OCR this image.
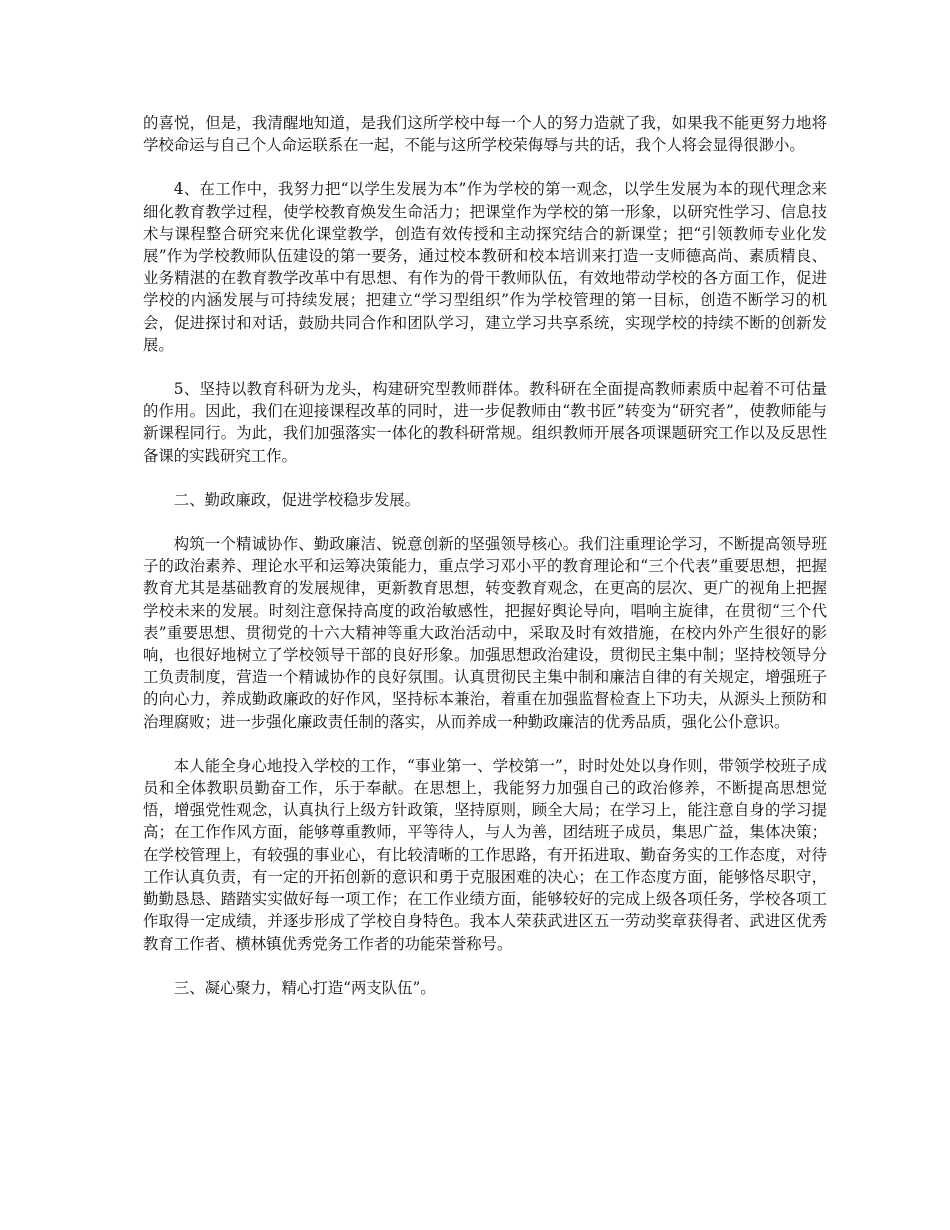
的喜悦，但是，我清醒地知道，是我们这所学校中每一个人的努力造就了我，如果我不能更努力地将学校命运与自己个人命运联系在一起，不能与这所学校荣侮辱与共的话，我个人将会显得很渺小。

4、在工作中，我努力把“以学生发展为本”作为学校的第一观念，以学生发展为本的现代理念来细化教育教学过程，使学校教育焕发生命活力；把课堂作为学校的第一形象，以研究性学习、信息技术与课程整合研究来优化课堂教学，创造有效传授和主动探究结合的新课堂；把“引领教师专业化发展”作为学校教师队伍建设的第一要务，通过校本教研和校本培训来打造一支师德高尚、素质精良、业务精湛的在教育教学改革中有思想、有作为的骨干教师队伍，有效地带动学校的各方面工作，促进学校的内涵发展与可持续发展；把建立“学习型组织”作为学校管理的第一目标，创造不断学习的机会，促进探讨和对话，鼓励共同合作和团队学习，建立学习共享系统，实现学校的持续不断的创新发展。

5、坚持以教育科研为龙头，构建研究型教师群体。教科研在全面提高教师素质中起着不可估量的作用。因此，我们在迎接课程改革的同时，进一步促教师由“教书匠”转变为“研究者”，使教师能与新课程同行。为此，我们加强落实一体化的教科研常规。组织教师开展各项课题研究工作以及反思性备课的实践研究工作。

二、勤政廉政，促进学校稳步发展。

构筑一个精诚协作、勤政廉洁、锐意创新的坚强领导核心。我们注重理论学习，不断提高领导班子的政治素养、理论水平和运筹决策能力，重点学习邓小平的教育理论和“三个代表”重要思想，把握教育尤其是基础教育的发展规律，更新教育思想，转变教育观念，在更高的层次、更广的视角上把握学校未来的发展。时刻注意保持高度的政治敏感性，把握好舆论导向，唱响主旋律，在贯彻“三个代表”重要思想、贯彻党的十六大精神等重大政治活动中，采取及时有效措施，在校内外产生很好的影响，也很好地树立了学校领导干部的良好形象。加强思想政治建设，贯彻民主集中制；坚持校领导分工负责制度，营造一个精诚协作的良好氛围。认真贯彻民主集中制和廉洁自律的有关规定，增强班子的向心力，养成勤政廉政的好作风，坚持标本兼治，着重在加强监督检查上下功夫，从源头上预防和治理腐败；进一步强化廉政责任制的落实，从而养成一种勤政廉洁的优秀品质，强化公仆意识。

本人能全身心地投入学校的工作，“事业第一、学校第一”，时时处处以身作则，带领学校班子成员和全体教职员勤奋工作，乐于奉献。在思想上，我能努力加强自己的政治修养，不断提高思想觉悟，增强党性观念，认真执行上级方针政策，坚持原则，顾全大局；在学习上，能注意自身的学习提高；在工作作风方面，能够尊重教师，平等待人，与人为善，团结班子成员，集思广益，集体决策；在学校管理上，有较强的事业心，有比较清晰的工作思路，有开拓进取、勤奋务实的工作态度，对待工作认真负责，有一定的开拓创新的意识和勇于克服困难的决心；在工作态度方面，能够恪尽职守，勤勤恳恳、踏踏实实做好每一项工作；在工作业绩方面，能够较好的完成上级各项任务，学校各项工作取得一定成绩，并逐步形成了学校自身特色。我本人荣获武进区五一劳动奖章获得者、武进区优秀教育工作者、横林镇优秀党务工作者的功能荣誉称号。

三、凝心聚力，精心打造“两支队伍”。
